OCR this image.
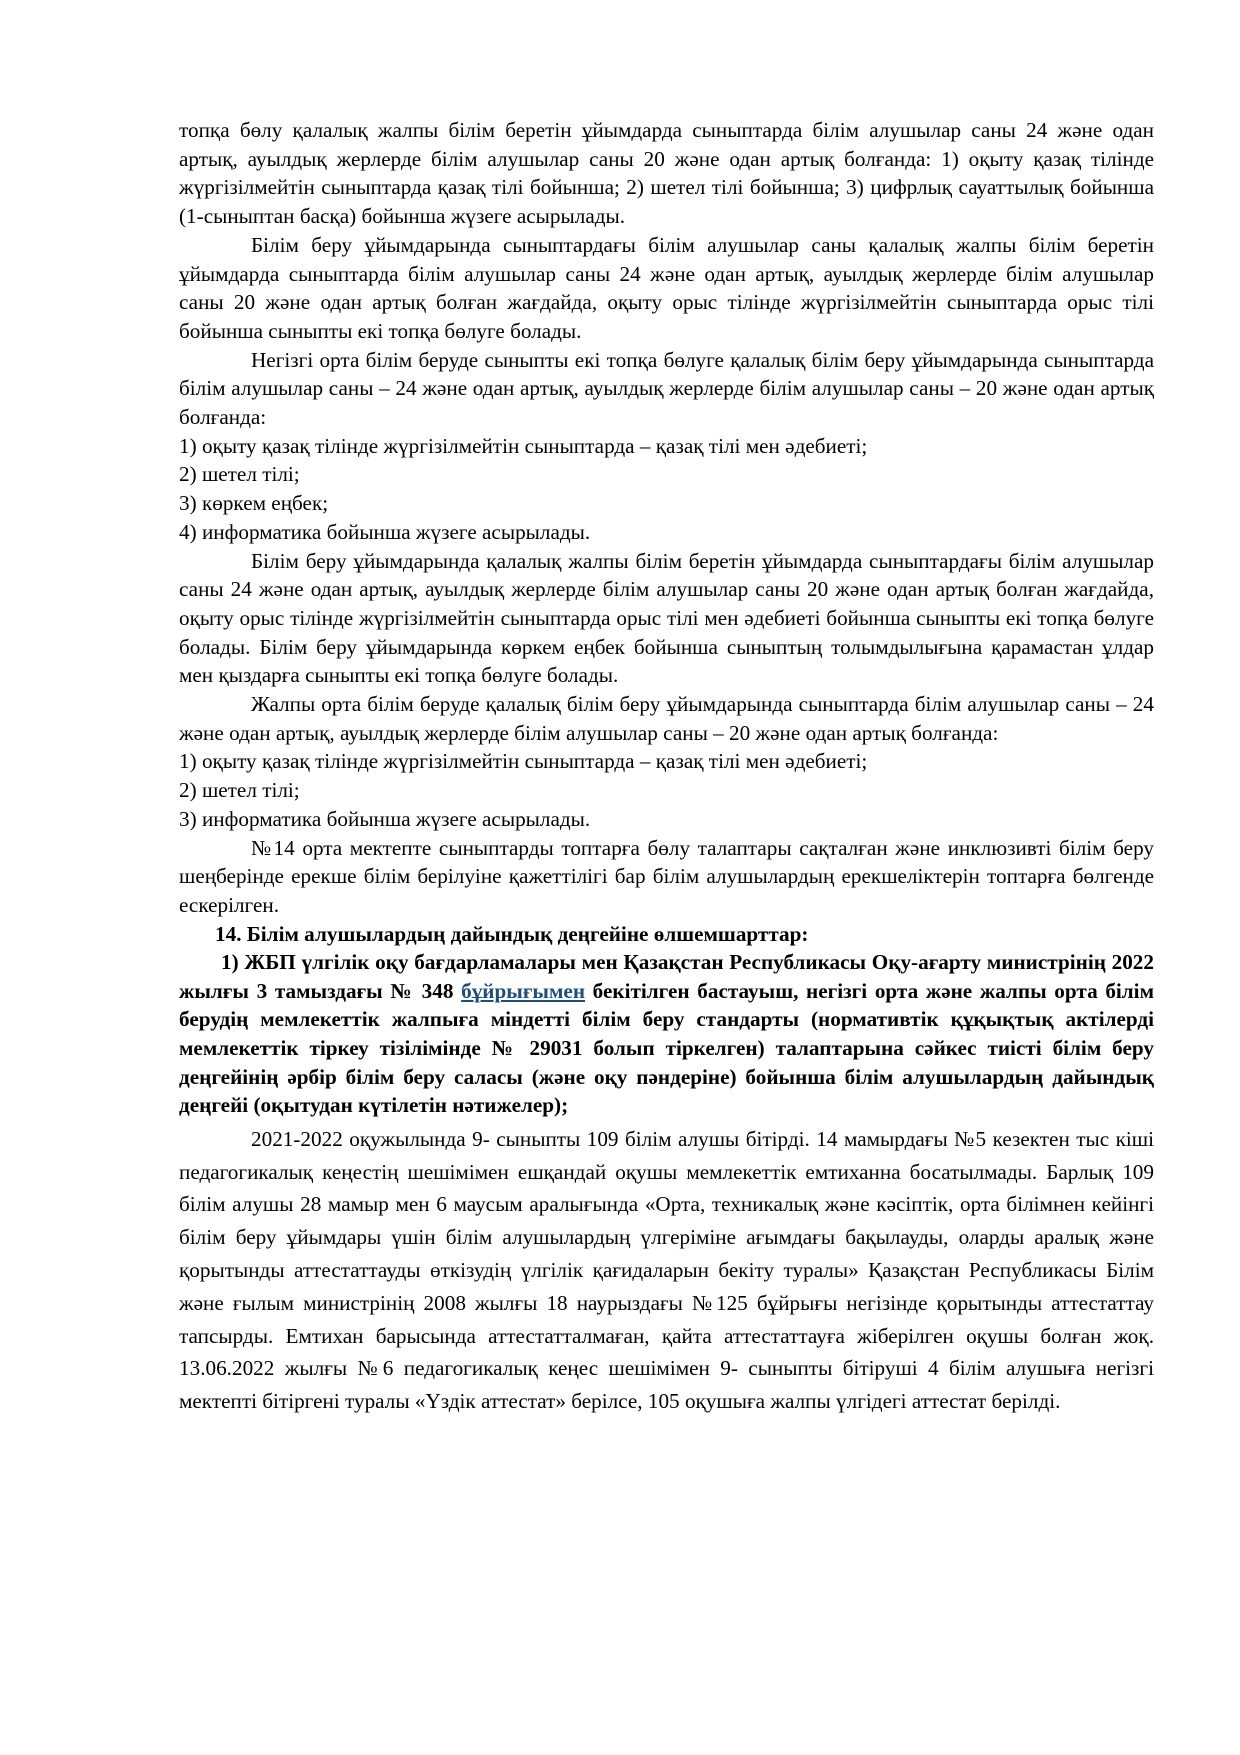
топқа бөлу қалалық жалпы білім беретін ұйымдарда сыныптарда білім алушылар саны 24 және одан артық, ауылдық жерлерде білім алушылар саны 20 және одан артық болғанда: 1) оқыту қазақ тілінде жүргізілмейтін сыныптарда қазақ тілі бойынша; 2) шетел тілі бойынша; 3) цифрлық сауаттылық бойынша (1-сыныптан басқа) бойынша жүзеге асырылады.

Білім беру ұйымдарында сыныптардағы білім алушылар саны қалалық жалпы білім беретін ұйымдарда сыныптарда білім алушылар саны 24 және одан артық, ауылдық жерлерде білім алушылар саны 20 және одан артық болған жағдайда, оқыту орыс тілінде жүргізілмейтін сыныптарда орыс тілі бойынша сыныпты екі топқа бөлуге болады.

Негізгі орта білім беруде сыныпты екі топқа бөлуге қалалық білім беру ұйымдарында сыныптарда білім алушылар саны – 24 және одан артық, ауылдық жерлерде білім алушылар саны – 20 және одан артық болғанда:

1) оқыту қазақ тілінде жүргізілмейтін сыныптарда – қазақ тілі мен әдебиеті;

2) шетел тілі;

3) көркем еңбек;

4) информатика бойынша жүзеге асырылады.

Білім беру ұйымдарында қалалық жалпы білім беретін ұйымдарда сыныптардағы білім алушылар саны 24 және одан артық, ауылдық жерлерде білім алушылар саны 20 және одан артық болған жағдайда, оқыту орыс тілінде жүргізілмейтін сыныптарда орыс тілі мен әдебиеті бойынша сыныпты екі топқа бөлуге болады. Білім беру ұйымдарында көркем еңбек бойынша сыныптың толымдылығына қарамастан ұлдар мен қыздарға сыныпты екі топқа бөлуге болады.

Жалпы орта білім беруде қалалық білім беру ұйымдарында сыныптарда білім алушылар саны – 24 және одан артық, ауылдық жерлерде білім алушылар саны – 20 және одан артық болғанда:

1) оқыту қазақ тілінде жүргізілмейтін сыныптарда – қазақ тілі мен әдебиеті;

2) шетел тілі;

3) информатика бойынша жүзеге асырылады.

№14 орта мектепте сыныптарды топтарға бөлу талаптары сақталған және инклюзивті білім беру шеңберінде ерекше білім берілуіне қажеттілігі бар білім алушылардың ерекшеліктерін топтарға бөлгенде ескерілген.

14. Білім алушылардың дайындық деңгейіне өлшемшарттар:

1) ЖБП үлгілік оқу бағдарламалары мен Қазақстан Республикасы Оқу-ағарту министрінің 2022 жылғы 3 тамыздағы № 348 бұйрығымен бекітілген бастауыш, негізгі орта және жалпы орта білім берудің мемлекеттік жалпыға міндетті білім беру стандарты (нормативтік құқықтық актілерді мемлекеттік тіркеу тізілімінде № 29031 болып тіркелген) талаптарына сәйкес тиісті білім беру деңгейінің әрбір білім беру саласы (және оқу пәндеріне) бойынша білім алушылардың дайындық деңгейі (оқытудан күтілетін нәтижелер);

2021-2022 оқужылында 9- сыныпты 109 білім алушы бітірді. 14 мамырдағы №5 кезектен тыс кіші педагогикалық кеңестің шешімімен ешқандай оқушы мемлекеттік емтиханна босатылмады. Барлық 109 білім алушы 28 мамыр мен 6 маусым аралығында «Орта, техникалық және кәсіптік, орта білімнен кейінгі білім беру ұйымдары үшін білім алушылардың үлгеріміне ағымдағы бақылауды, оларды аралық және қорытынды аттестаттауды өткізудің үлгілік қағидаларын бекіту туралы» Қазақстан Республикасы Білім және ғылым министрінің 2008 жылғы 18 наурыздағы №125 бұйрығы негізінде қорытынды аттестаттау тапсырды. Емтихан барысында аттестатталмаған, қайта аттестаттауға жіберілген оқушы болған жоқ. 13.06.2022 жылғы №6 педагогикалық кеңес шешімімен 9- сыныпты бітіруші 4 білім алушыға негізгі мектепті бітіргені туралы «Үздік аттестат» берілсе, 105 оқушыға жалпы үлгідегі аттестат берілді.
